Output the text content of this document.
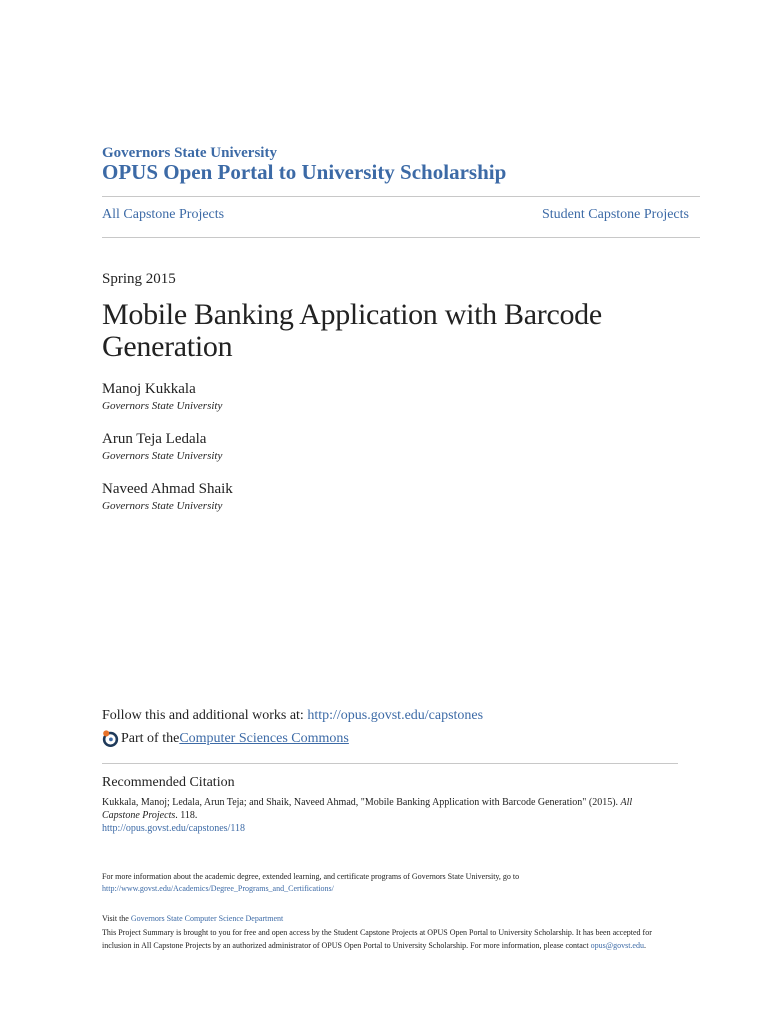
Governors State University
OPUS Open Portal to University Scholarship
All Capstone Projects	Student Capstone Projects
Spring 2015
Mobile Banking Application with Barcode Generation
Manoj Kukkala
Governors State University
Arun Teja Ledala
Governors State University
Naveed Ahmad Shaik
Governors State University
Follow this and additional works at: http://opus.govst.edu/capstones
Part of the Computer Sciences Commons
Recommended Citation
Kukkala, Manoj; Ledala, Arun Teja; and Shaik, Naveed Ahmad, "Mobile Banking Application with Barcode Generation" (2015). All Capstone Projects. 118.
http://opus.govst.edu/capstones/118
For more information about the academic degree, extended learning, and certificate programs of Governors State University, go to
http://www.govst.edu/Academics/Degree_Programs_and_Certifications/
Visit the Governors State Computer Science Department
This Project Summary is brought to you for free and open access by the Student Capstone Projects at OPUS Open Portal to University Scholarship. It has been accepted for inclusion in All Capstone Projects by an authorized administrator of OPUS Open Portal to University Scholarship. For more information, please contact opus@govst.edu.
